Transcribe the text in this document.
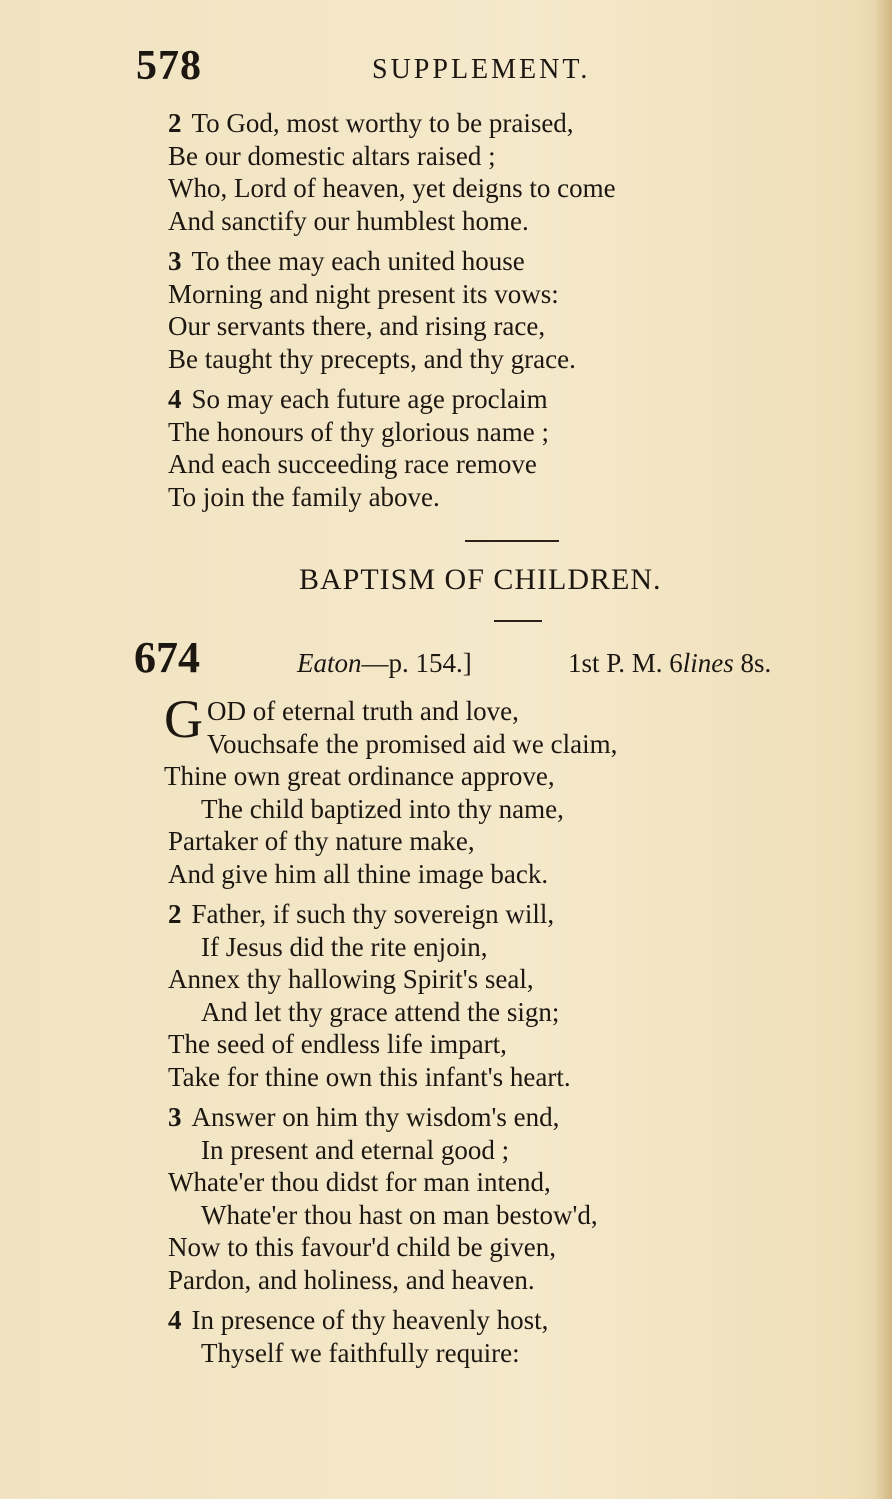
578	SUPPLEMENT.
2 To God, most worthy to be praised,
Be our domestic altars raised ;
Who, Lord of heaven, yet deigns to come
And sanctify our humblest home.
3 To thee may each united house
Morning and night present its vows:
Our servants there, and rising race,
Be taught thy precepts, and thy grace.
4 So may each future age proclaim
The honours of thy glorious name ;
And each succeeding race remove
To join the family above.
BAPTISM OF CHILDREN.
674	Eaton—p. 154.]	1st P. M. 6lines 8s.
GOD of eternal truth and love,
Vouchsafe the promised aid we claim,
Thine own great ordinance approve,
The child baptized into thy name,
Partaker of thy nature make,
And give him all thine image back.
2 Father, if such thy sovereign will,
If Jesus did the rite enjoin,
Annex thy hallowing Spirit's seal,
And let thy grace attend the sign;
The seed of endless life impart,
Take for thine own this infant's heart.
3 Answer on him thy wisdom's end,
In present and eternal good ;
Whate'er thou didst for man intend,
Whate'er thou hast on man bestow'd,
Now to this favour'd child be given,
Pardon, and holiness, and heaven.
4 In presence of thy heavenly host,
Thyself we faithfully require:
